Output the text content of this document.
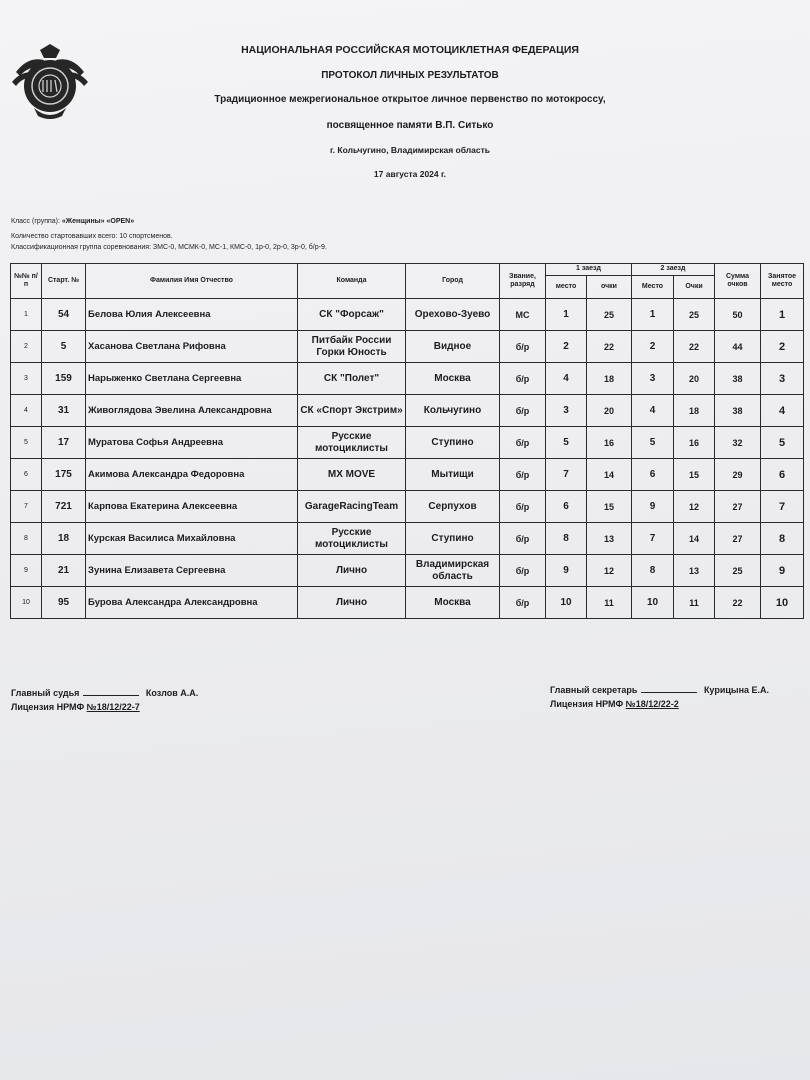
НАЦИОНАЛЬНАЯ РОССИЙСКАЯ МОТОЦИКЛЕТНАЯ ФЕДЕРАЦИЯ
ПРОТОКОЛ ЛИЧНЫХ РЕЗУЛЬТАТОВ
Традиционное межрегиональное открытое личное первенство по мотокроссу,
посвященное памяти В.П. Ситько
г. Кольчугино, Владимирская область
17 августа 2024 г.
Класс (группа): «Женщины» «OPEN»
Количество стартовавших всего: 10 спортсменов.
Классификационная группа соревнования: ЗМС-0, МСМК-0, МС-1, КМС-0, 1р-0, 2р-0, 3р-0, б/р-9.
№№ п/п	Старт. №	Фамилия Имя Отчество	Команда	Город	Звание, разряд	1 заезд		2 заезд		Сумма очков	Занятое место
						место	очки	Место	Очки		
1	54	Белова Юлия Алексеевна	СК "Форсаж"	Орехово-Зуево	МС	1	25	1	25	50	1
2	5	Хасанова Светлана Рифовна	Питбайк России Горки Юность	Видное	б/р	2	22	2	22	44	2
3	159	Нарыженко Светлана Сергеевна	СК "Полет"	Москва	б/р	4	18	3	20	38	3
4	31	Живоглядова Эвелина Александровна	СК «Спорт Экстрим»	Кольчугино	б/р	3	20	4	18	38	4
5	17	Муратова Софья Андреевна	Русские мотоциклисты	Ступино	б/р	5	16	5	16	32	5
6	175	Акимова Александра Федоровна	MX MOVE	Мытищи	б/р	7	14	6	15	29	6
7	721	Карпова Екатерина Алексеевна	GarageRacingTeam	Серпухов	б/р	6	15	9	12	27	7
8	18	Курская Василиса Михайловна	Русские мотоциклисты	Ступино	б/р	8	13	7	14	27	8
9	21	Зунина Елизавета Сергеевна	Лично	Владимирская область	б/р	9	12	8	13	25	9
10	95	Бурова Александра Александровна	Лично	Москва	б/р	10	11	10	11	22	10
Главный судья	Козлов А.А.
Лицензия НРМФ №18/12/22-7
Главный секретарь	Курицына Е.А.
Лицензия НРМФ №18/12/22-2
